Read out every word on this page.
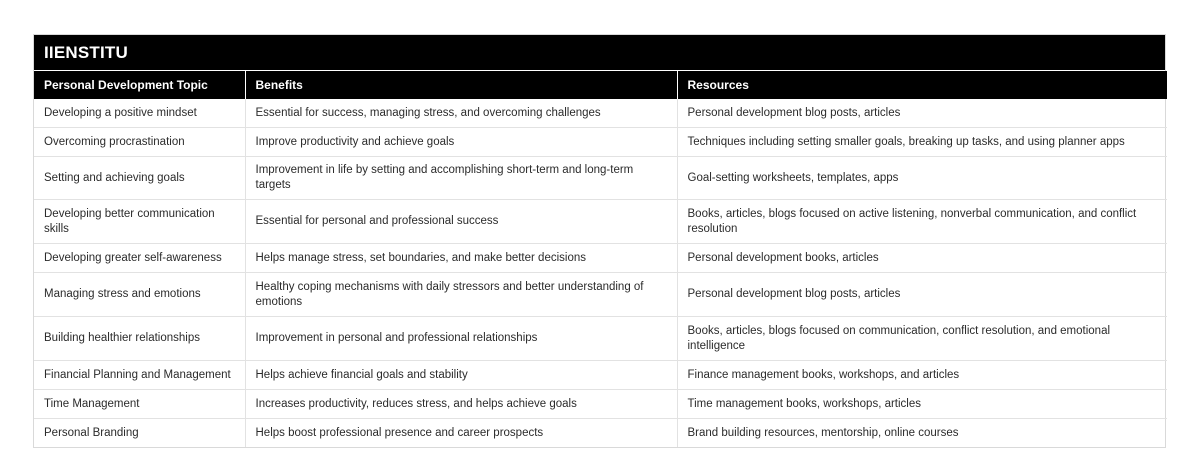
IIENSTITU
Personal Development Topic	Benefits	Resources
Developing a positive mindset	Essential for success, managing stress, and overcoming challenges	Personal development blog posts, articles
Overcoming procrastination	Improve productivity and achieve goals	Techniques including setting smaller goals, breaking up tasks, and using planner apps
Setting and achieving goals	Improvement in life by setting and accomplishing short-term and long-term targets	Goal-setting worksheets, templates, apps
Developing better communication skills	Essential for personal and professional success	Books, articles, blogs focused on active listening, nonverbal communication, and conflict resolution
Developing greater self-awareness	Helps manage stress, set boundaries, and make better decisions	Personal development books, articles
Managing stress and emotions	Healthy coping mechanisms with daily stressors and better understanding of emotions	Personal development blog posts, articles
Building healthier relationships	Improvement in personal and professional relationships	Books, articles, blogs focused on communication, conflict resolution, and emotional intelligence
Financial Planning and Management	Helps achieve financial goals and stability	Finance management books, workshops, and articles
Time Management	Increases productivity, reduces stress, and helps achieve goals	Time management books, workshops, articles
Personal Branding	Helps boost professional presence and career prospects	Brand building resources, mentorship, online courses
